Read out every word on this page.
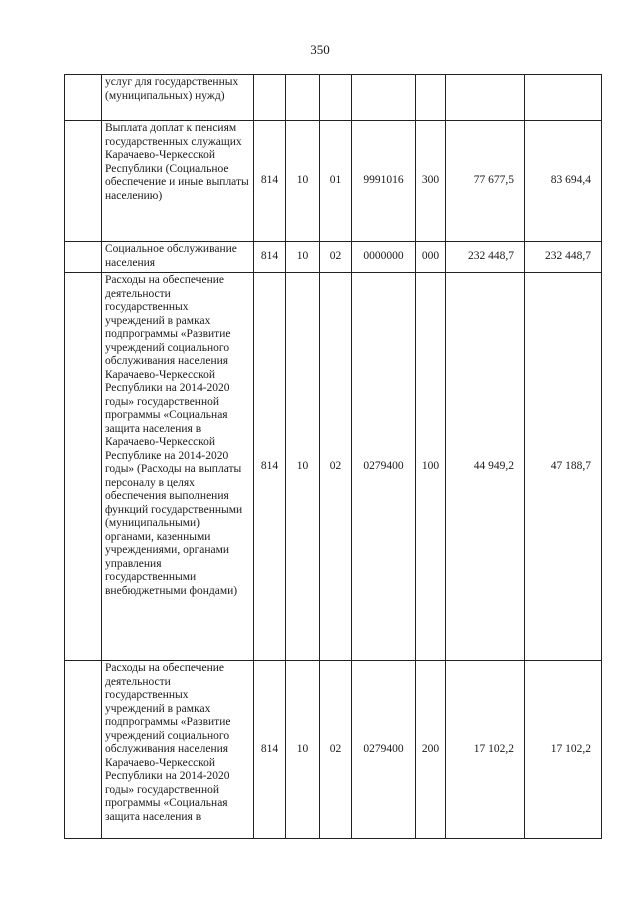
350
	услуг для государственных (муниципальных) нужд)							
	Выплата доплат к пенсиям государственных служащих Карачаево-Черкесской Республики (Социальное обеспечение и иные выплаты населению)	814	10	01	9991016	300	77 677,5	83 694,4
	Социальное обслуживание населения	814	10	02	0000000	000	232 448,7	232 448,7
	Расходы на обеспечение деятельности государственных учреждений в рамках подпрограммы «Развитие учреждений социального обслуживания населения Карачаево-Черкесской Республики на 2014-2020 годы» государственной программы «Социальная защита населения в Карачаево-Черкесской Республике на 2014-2020 годы» (Расходы на выплаты персоналу в целях обеспечения выполнения функций государственными (муниципальными) органами, казенными учреждениями, органами управления государственными внебюджетными фондами)	814	10	02	0279400	100	44 949,2	47 188,7
	Расходы на обеспечение деятельности государственных учреждений в рамках подпрограммы «Развитие учреждений социального обслуживания населения Карачаево-Черкесской Республики на 2014-2020 годы» государственной программы «Социальная защита населения в	814	10	02	0279400	200	17 102,2	17 102,2
